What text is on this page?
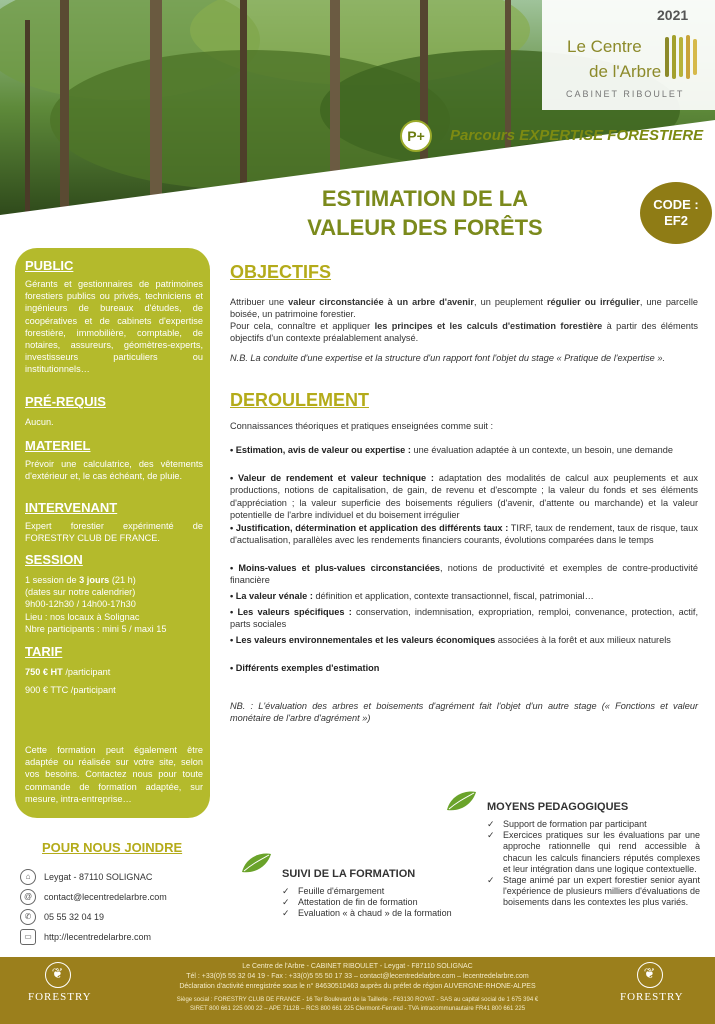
2021
Le Centre
de l'Arbre
CABINET RIBOULET
P+	Parcours EXPERTISE FORESTIERE
ESTIMATION DE LA
VALEUR DES FORÊTS
CODE :
EF2
PUBLIC
Gérants et gestionnaires de patrimoines forestiers publics ou privés, techniciens et ingénieurs de bureaux d'études, de coopératives et de cabinets d'expertise forestière, immobilière, comptable, de notaires, assureurs, géomètres-experts, investisseurs particuliers ou institutionnels…
PRÉ-REQUIS
Aucun.
MATERIEL
Prévoir une calculatrice, des vêtements d'extérieur et, le cas échéant, de pluie.
INTERVENANT
Expert forestier expérimenté de FORESTRY CLUB DE FRANCE.
SESSION
1 session de 3 jours (21 h)
(dates sur notre calendrier)
9h00-12h30 / 14h00-17h30
Lieu : nos locaux à Solignac
Nbre participants : mini 5 / maxi 15
TARIF
750 € HT /participant
900 € TTC /participant
Cette formation peut également être adaptée ou réalisée sur votre site, selon vos besoins. Contactez nous pour toute commande de formation adaptée, sur mesure, intra-entreprise…
OBJECTIFS
Attribuer une valeur circonstanciée à un arbre d'avenir, un peuplement régulier ou irrégulier, une parcelle boisée, un patrimoine forestier.
Pour cela, connaître et appliquer les principes et les calculs d'estimation forestière à partir des éléments objectifs d'un contexte préalablement analysé.
N.B. La conduite d'une expertise et la structure d'un rapport font l'objet du stage « Pratique de l'expertise ».
DEROULEMENT
Connaissances théoriques et pratiques enseignées comme suit :
• Estimation, avis de valeur ou expertise : une évaluation adaptée à un contexte, un besoin, une demande
• Valeur de rendement et valeur technique : adaptation des modalités de calcul aux peuplements et aux productions, notions de capitalisation, de gain, de revenu et d'escompte ; la valeur du fonds et ses éléments d'appréciation ; la valeur superficie des boisements réguliers (d'avenir, d'attente ou marchande) et la valeur potentielle de l'arbre individuel et du boisement irrégulier
• Justification, détermination et application des différents taux : TIRF, taux de rendement, taux de risque, taux d'actualisation, parallèles avec les rendements financiers courants, évolutions comparées dans le temps
• Moins-values et plus-values circonstanciées, notions de productivité et exemples de contre-productivité financière
• La valeur vénale : définition et application, contexte transactionnel, fiscal, patrimonial…
• Les valeurs spécifiques : conservation, indemnisation, expropriation, remploi, convenance, protection, actif, parts sociales
• Les valeurs environnementales et les valeurs économiques associées à la forêt et aux milieux naturels
• Différents exemples d'estimation
NB. : L'évaluation des arbres et boisements d'agrément fait l'objet d'un autre stage (« Fonctions et valeur monétaire de l'arbre d'agrément »)
POUR NOUS JOINDRE
⌂	Leygat - 87110 SOLIGNAC
@	contact@lecentredelarbre.com
✆	05 55 32 04 19
▭	http://lecentredelarbre.com
SUIVI DE LA FORMATION
✓ Feuille d'émargement
✓ Attestation de fin de formation
✓ Evaluation « à chaud » de la formation
MOYENS PEDAGOGIQUES
✓ Support de formation par participant
✓ Exercices pratiques sur les évaluations par une approche rationnelle qui rend accessible à chacun les calculs financiers réputés complexes et leur intégration dans une logique contextuelle.
✓ Stage animé par un expert forestier senior ayant l'expérience de plusieurs milliers d'évaluations de boisements dans les contextes les plus variés.
❦
FORESTRY
Le Centre de l'Arbre - CABINET RIBOULET - Leygat - F87110 SOLIGNAC
Tél : +33(0)5 55 32 04 19 - Fax : +33(0)5 55 50 17 33 – contact@lecentredelarbre.com – lecentredelarbre.com
Déclaration d'activité enregistrée sous le n° 84630510463 auprès du préfet de région AUVERGNE-RHONE-ALPES
Siège social : FORESTRY CLUB DE FRANCE - 16 Ter Boulevard de la Taillerie - F63130 ROYAT - SAS au capital social de 1 675 394 €
SIRET 800 661 225 000 22 – APE 7112B – RCS 800 661 225 Clermont-Ferrand - TVA intracommunautaire FR41 800 661 225
❦
FORESTRY
